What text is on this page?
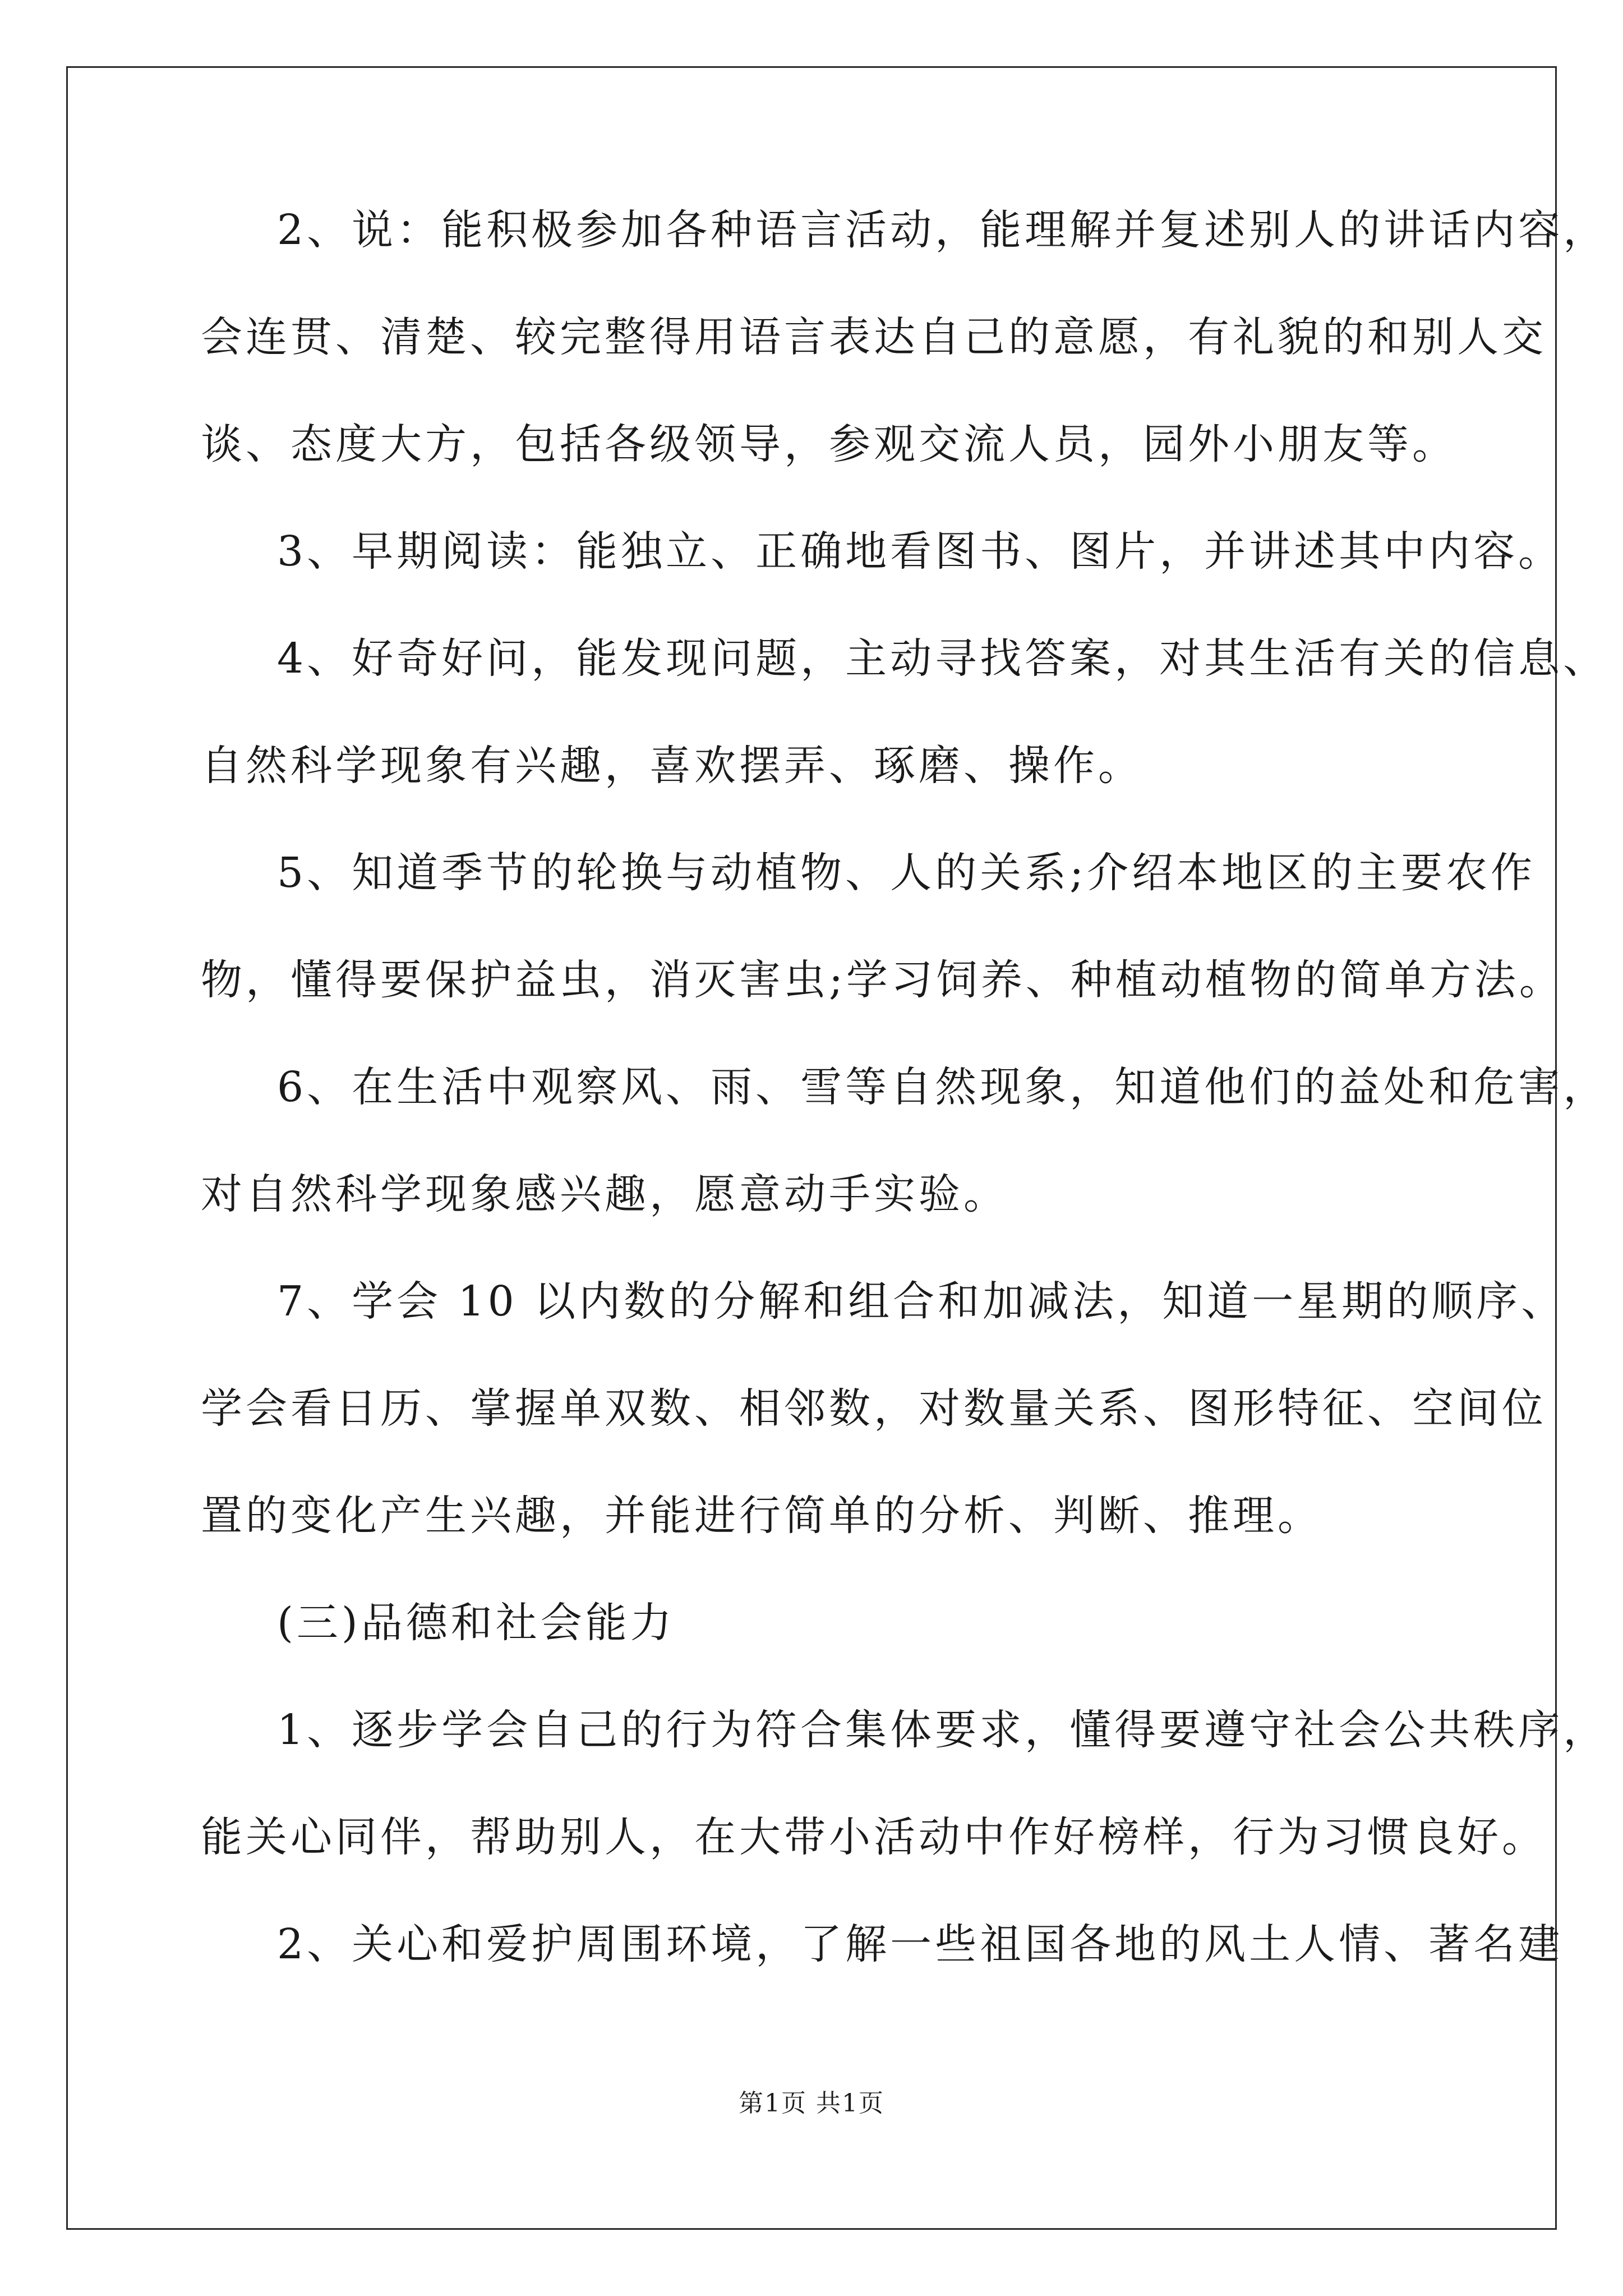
2、说：能积极参加各种语言活动，能理解并复述别人的讲话内容，
会连贯、清楚、较完整得用语言表达自己的意愿，有礼貌的和别人交
谈、态度大方，包括各级领导，参观交流人员，园外小朋友等。
3、早期阅读：能独立、正确地看图书、图片，并讲述其中内容。
4、好奇好问，能发现问题，主动寻找答案，对其生活有关的信息、
自然科学现象有兴趣，喜欢摆弄、琢磨、操作。
5、知道季节的轮换与动植物、人的关系;介绍本地区的主要农作
物，懂得要保护益虫，消灭害虫;学习饲养、种植动植物的简单方法。
6、在生活中观察风、雨、雪等自然现象，知道他们的益处和危害，
对自然科学现象感兴趣，愿意动手实验。
7、学会 10 以内数的分解和组合和加减法，知道一星期的顺序、
学会看日历、掌握单双数、相邻数，对数量关系、图形特征、空间位
置的变化产生兴趣，并能进行简单的分析、判断、推理。
(三)品德和社会能力
1、逐步学会自己的行为符合集体要求，懂得要遵守社会公共秩序，
能关心同伴，帮助别人，在大带小活动中作好榜样，行为习惯良好。
2、关心和爱护周围环境，了解一些祖国各地的风土人情、著名建
第1页 共1页
